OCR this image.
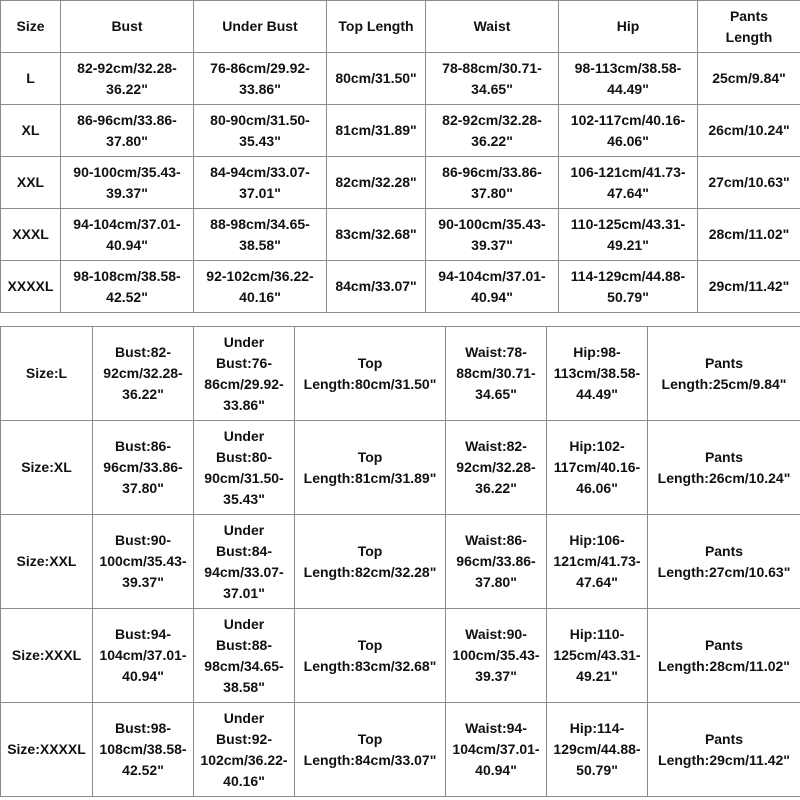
Size	Bust	Under Bust	Top Length	Waist	Hip	Pants
Length

L	82-92cm/32.28-
36.22"	76-86cm/29.92-
33.86"	80cm/31.50"	78-88cm/30.71-
34.65"	98-113cm/38.58-
44.49"	25cm/9.84"

XL	86-96cm/33.86-
37.80"	80-90cm/31.50-
35.43"	81cm/31.89"	82-92cm/32.28-
36.22"	102-117cm/40.16-
46.06"	26cm/10.24"

XXL	90-100cm/35.43-
39.37"	84-94cm/33.07-
37.01"	82cm/32.28"	86-96cm/33.86-
37.80"	106-121cm/41.73-
47.64"	27cm/10.63"

XXXL	94-104cm/37.01-
40.94"	88-98cm/34.65-
38.58"	83cm/32.68"	90-100cm/35.43-
39.37"	110-125cm/43.31-
49.21"	28cm/11.02"

XXXXL	98-108cm/38.58-
42.52"	92-102cm/36.22-
40.16"	84cm/33.07"	94-104cm/37.01-
40.94"	114-129cm/44.88-
50.79"	29cm/11.42"
Size:L	Bust:82-
92cm/32.28-
36.22"	Under
Bust:76-
86cm/29.92-
33.86"	Top
Length:80cm/31.50"	Waist:78-
88cm/30.71-
34.65"	Hip:98-
113cm/38.58-
44.49"	Pants
Length:25cm/9.84"

Size:XL	Bust:86-
96cm/33.86-
37.80"	Under
Bust:80-
90cm/31.50-
35.43"	Top
Length:81cm/31.89"	Waist:82-
92cm/32.28-
36.22"	Hip:102-
117cm/40.16-
46.06"	Pants
Length:26cm/10.24"

Size:XXL	Bust:90-
100cm/35.43-
39.37"	Under
Bust:84-
94cm/33.07-
37.01"	Top
Length:82cm/32.28"	Waist:86-
96cm/33.86-
37.80"	Hip:106-
121cm/41.73-
47.64"	Pants
Length:27cm/10.63"

Size:XXXL	Bust:94-
104cm/37.01-
40.94"	Under
Bust:88-
98cm/34.65-
38.58"	Top
Length:83cm/32.68"	Waist:90-
100cm/35.43-
39.37"	Hip:110-
125cm/43.31-
49.21"	Pants
Length:28cm/11.02"

Size:XXXXL	Bust:98-
108cm/38.58-
42.52"	Under
Bust:92-
102cm/36.22-
40.16"	Top
Length:84cm/33.07"	Waist:94-
104cm/37.01-
40.94"	Hip:114-
129cm/44.88-
50.79"	Pants
Length:29cm/11.42"
